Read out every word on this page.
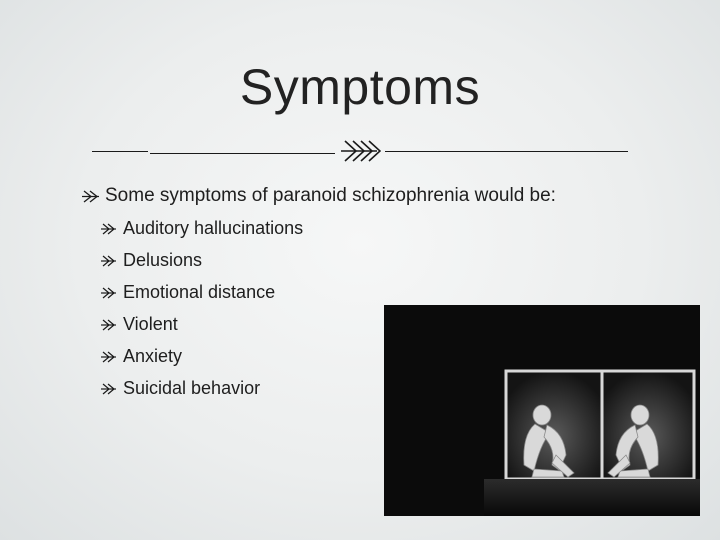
Symptoms
Some symptoms of paranoid schizophrenia would be:
Auditory hallucinations
Delusions
Emotional distance
Violent
Anxiety
Suicidal behavior
